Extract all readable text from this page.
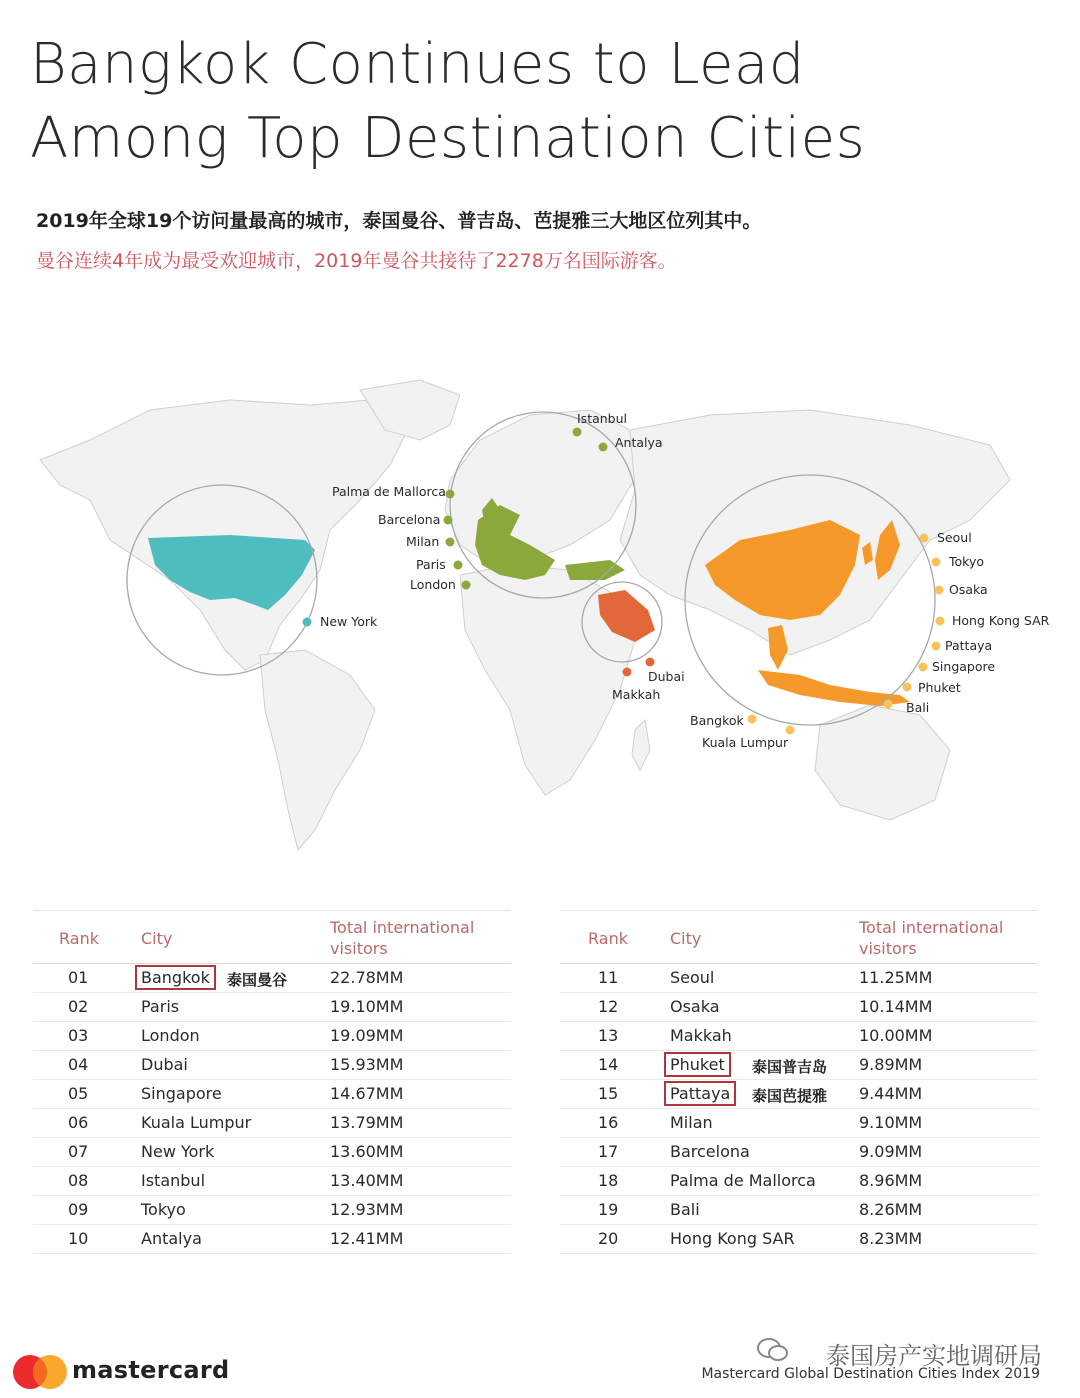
Bangkok Continues to Lead
Among Top Destination Cities
2019年全球19个访问量最高的城市，泰国曼谷、普吉岛、芭提雅三大地区位列其中。
曼谷连续4年成为最受欢迎城市，2019年曼谷共接待了2278万名国际游客。
Istanbul
Antalya
Palma de Mallorca
Barcelona
Milan
Paris
London
New York
Dubai
Makkah
Seoul
Tokyo
Osaka
Hong Kong SAR
Pattaya
Singapore
Phuket
Bali
Bangkok
Kuala Lumpur
Rank	City
Total international
visitors
01	Bangkok 泰国曼谷	22.78MM
02	Paris	19.10MM
03	London	19.09MM
04	Dubai	15.93MM
05	Singapore	14.67MM
06	Kuala Lumpur	13.79MM
07	New York	13.60MM
08	Istanbul	13.40MM
09	Tokyo	12.93MM
10	Antalya	12.41MM
Rank	City
Total international
visitors
11	Seoul	11.25MM
12	Osaka	10.14MM
13	Makkah	10.00MM
14	Phuket 泰国普吉岛 9.89MM
15	Pattaya 泰国芭提雅 9.44MM
16	Milan	9.10MM
17	Barcelona	9.09MM
18	Palma de Mallorca	8.96MM
19	Bali	8.26MM
20	Hong Kong SAR	8.23MM
mastercard	泰国房产实地调研局
Mastercard Global Destination Cities Index 2019
